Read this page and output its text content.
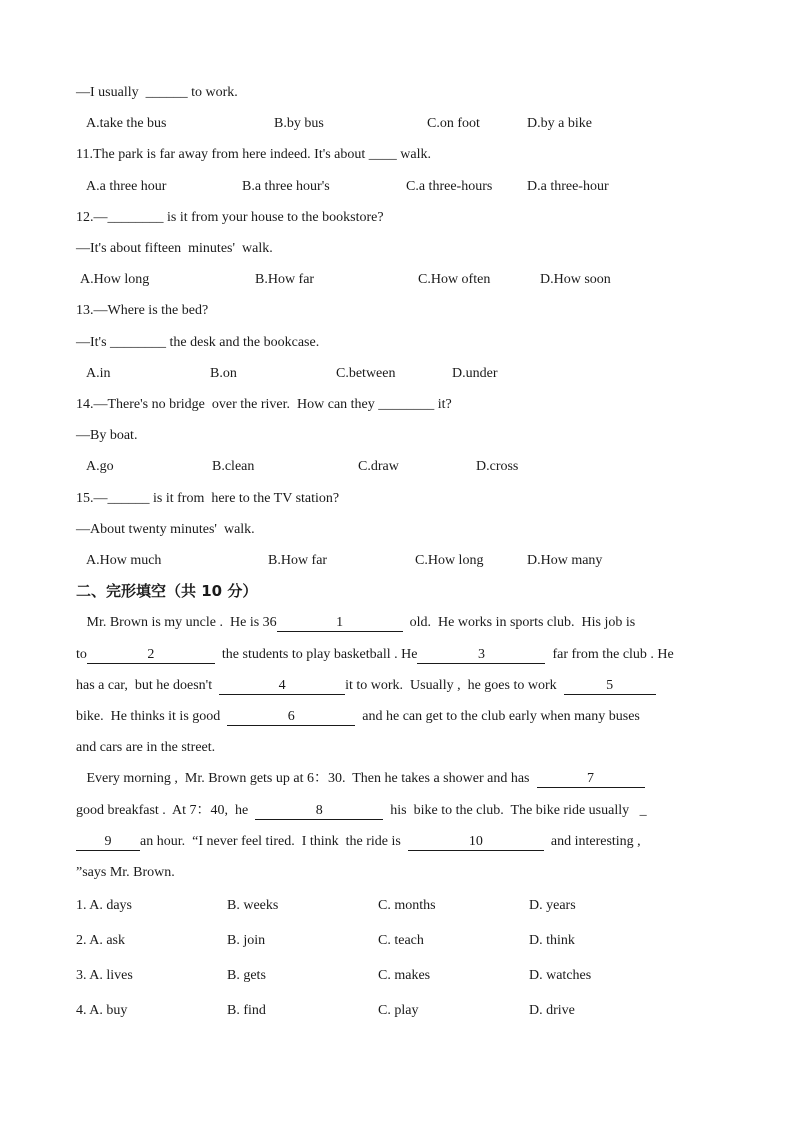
—I usually  ______ to work.
A.take the bus	B.by bus	C.on foot	D.by a bike
11.The park is far away from here indeed. It's about ____ walk.
A.a three hour	B.a three hour's	C.a three-hours D.a three-hour
12.—________ is it from your house to the bookstore?
—It's about fifteen  minutes'  walk.
A.How long	B.How far	C.How often	D.How soon
13.—Where is the bed?
—It's ________ the desk and the bookcase.
A.in	B.on	C.between	D.under
14.—There's no bridge  over the river.  How can they ________ it?
—By boat.
A.go	B.clean	C.draw	D.cross
15.—______ is it from  here to the TV station?
—About twenty minutes'  walk.
A.How much	B.How far	C.How long	D.How many
二、完形填空（共 10 分）
Mr. Brown is my uncle .  He is 36	1	old.  He works in sports club.  His job is
to	2	the students to play basketball . He	3	far from the club . He
has a car,  but he doesn't	4	it to work.  Usually ,  he goes to work	5
bike.  He thinks it is good	6	and he can get to the club early when many buses
and cars are in the street.
Every morning ,  Mr. Brown gets up at 6：30.  Then he takes a shower and has	7
good breakfast .  At 7：40,  he	8	his  bike to the club.  The bike ride usually   _
9 an hour.  “I never feel tired.  I think  the ride is	10	and interesting ,
”says Mr. Brown.
1. A. days	B. weeks	C. months	D. years
2. A. ask	B. join	C. teach	D. think
3. A. lives	B. gets	C. makes	D. watches
4. A. buy	B. find	C. play	D. drive
